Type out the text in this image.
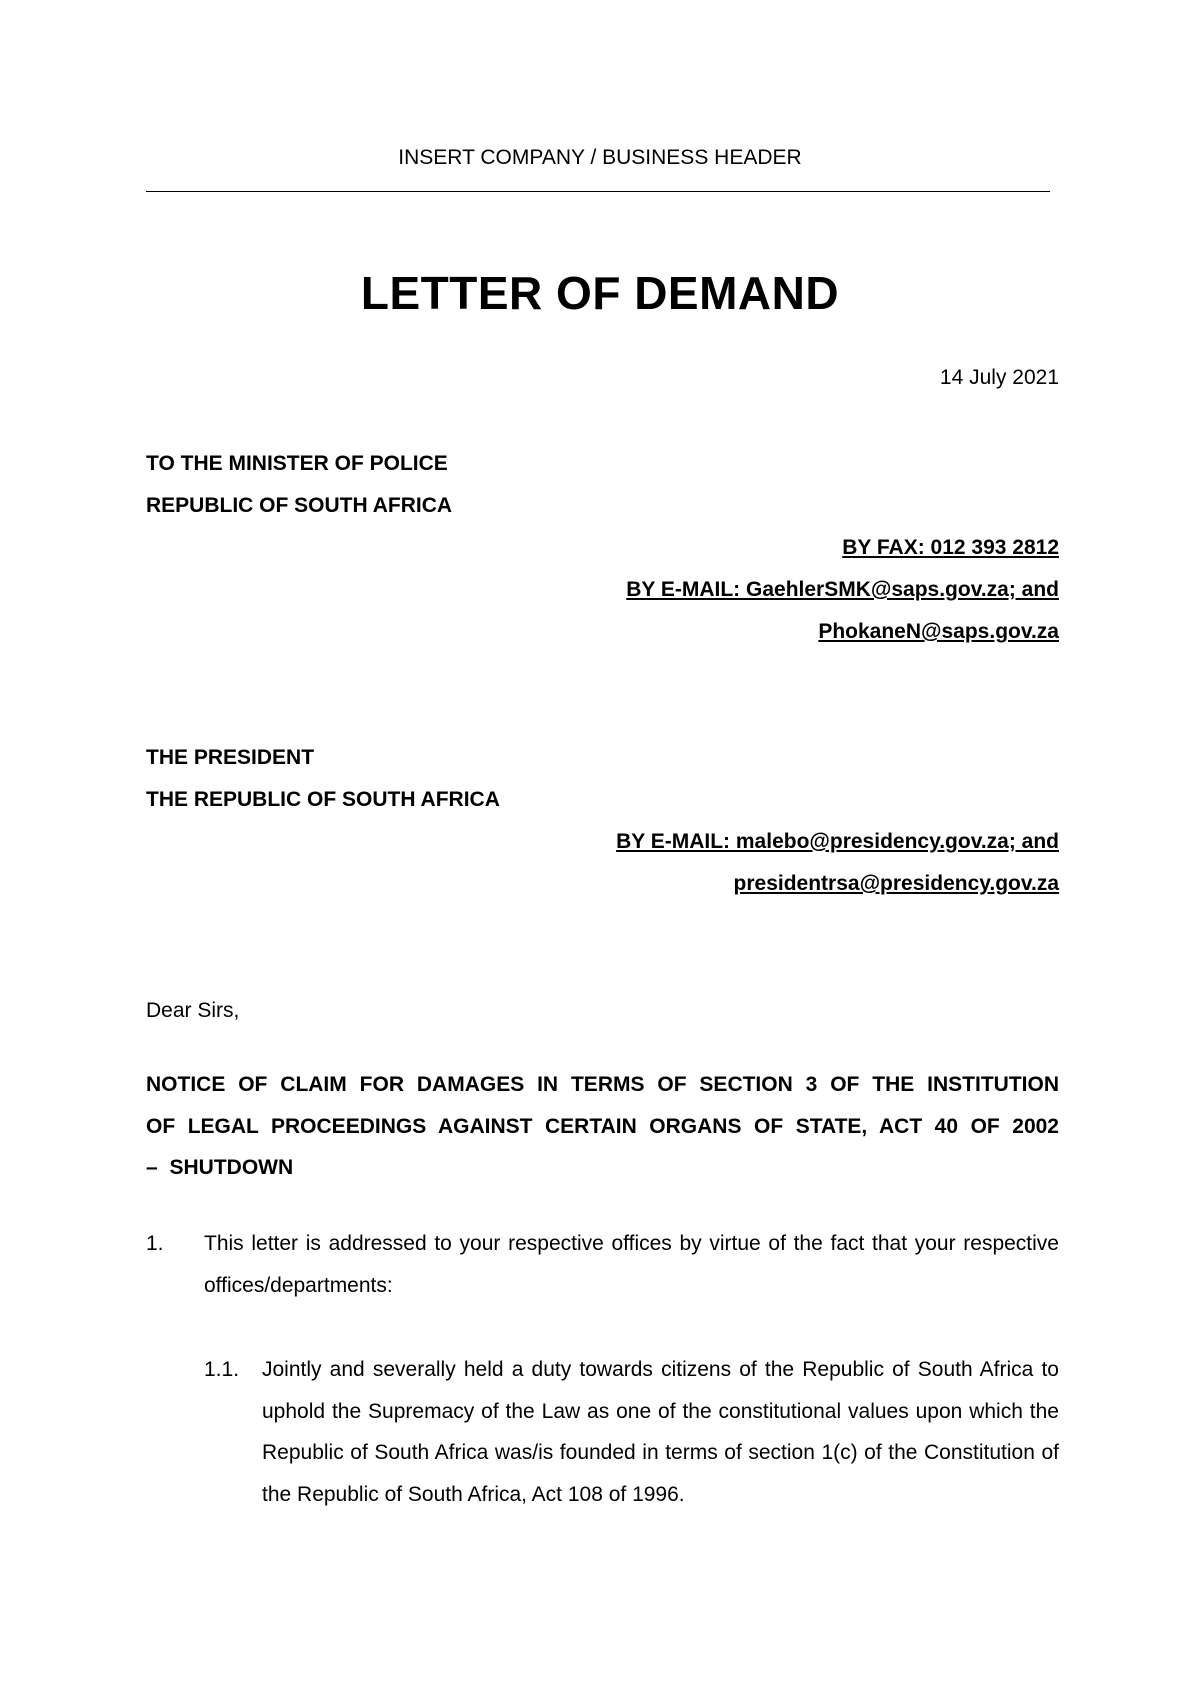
INSERT COMPANY / BUSINESS HEADER
LETTER OF DEMAND
14 July 2021
TO THE MINISTER OF POLICE
REPUBLIC OF SOUTH AFRICA
BY FAX: 012 393 2812
BY E-MAIL: GaehlerSMK@saps.gov.za; and
PhokaneN@saps.gov.za
THE PRESIDENT
THE REPUBLIC OF SOUTH AFRICA
BY E-MAIL: malebo@presidency.gov.za; and
presidentrsa@presidency.gov.za
Dear Sirs,
NOTICE OF CLAIM FOR DAMAGES IN TERMS OF SECTION 3 OF THE INSTITUTION OF LEGAL PROCEEDINGS AGAINST CERTAIN ORGANS OF STATE, ACT 40 OF 2002 – SHUTDOWN
1. This letter is addressed to your respective offices by virtue of the fact that your respective offices/departments:
1.1. Jointly and severally held a duty towards citizens of the Republic of South Africa to uphold the Supremacy of the Law as one of the constitutional values upon which the Republic of South Africa was/is founded in terms of section 1(c) of the Constitution of the Republic of South Africa, Act 108 of 1996.
